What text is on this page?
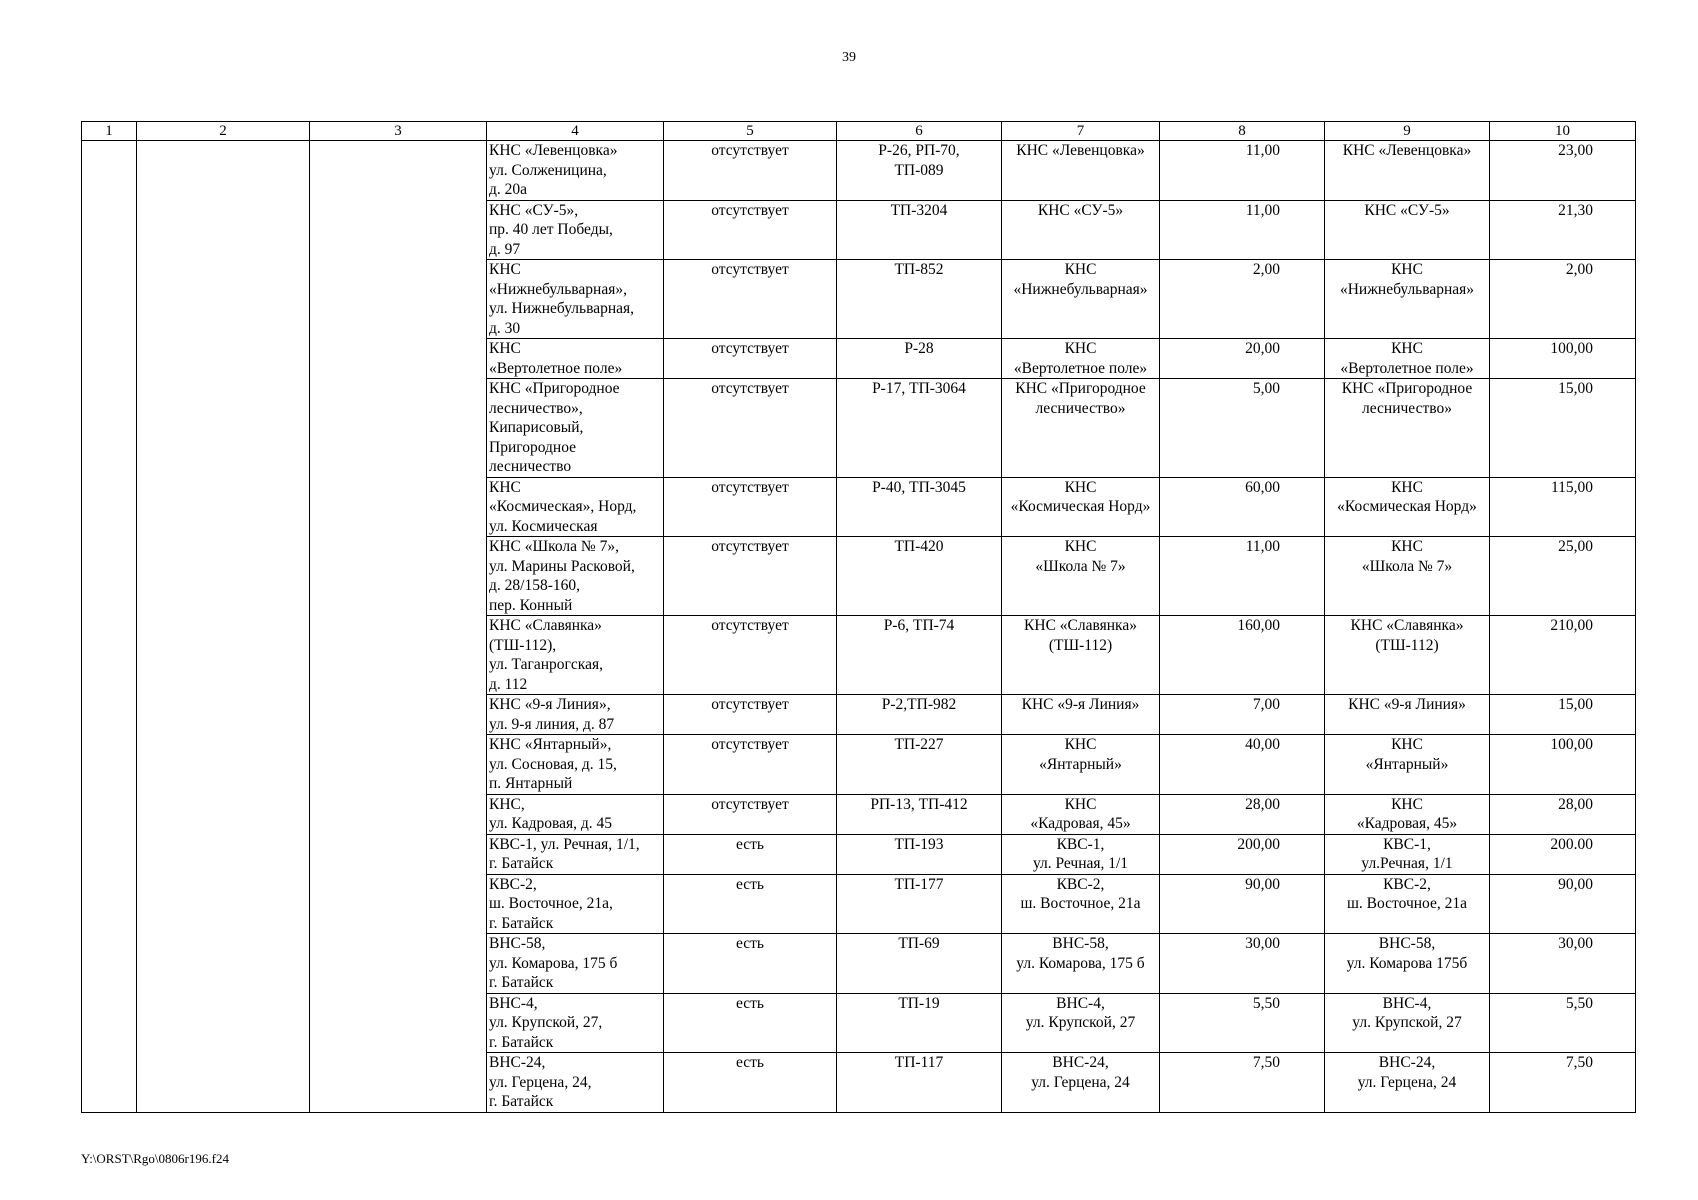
39
1	2	3	4	5	6	7	8	9	10

			КНС «Левенцовка»
ул. Солженицина,
д. 20а	отсутствует	Р-26, РП-70,
ТП-089	КНС «Левенцовка»	11,00	КНС «Левенцовка»	23,00

			КНС «СУ-5»,
пр. 40 лет Победы,
д. 97	отсутствует	ТП-3204	КНС «СУ-5»	11,00	КНС «СУ-5»	21,30

			КНС
«Нижнебульварная»,
ул. Нижнебульварная,
д. 30	отсутствует	ТП-852	КНС
«Нижнебульварная»	2,00	КНС
«Нижнебульварная»	2,00

			КНС
«Вертолетное поле»	отсутствует	Р-28	КНС
«Вертолетное поле»	20,00	КНС
«Вертолетное поле»	100,00

			КНС «Пригородное
лесничество»,
Кипарисовый,
Пригородное
лесничество	отсутствует	Р-17, ТП-3064	КНС «Пригородное
лесничество»	5,00	КНС «Пригородное
лесничество»	15,00

			КНС
«Космическая», Норд,
ул. Космическая	отсутствует	Р-40, ТП-3045	КНС
«Космическая Норд»	60,00	КНС
«Космическая Норд»	115,00

			КНС «Школа № 7»,
ул. Марины Расковой,
д. 28/158-160,
пер. Конный	отсутствует	ТП-420	КНС
«Школа № 7»	11,00	КНС
«Школа № 7»	25,00

			КНС «Славянка»
(ТШ-112),
ул. Таганрогская,
д. 112	отсутствует	Р-6, ТП-74	КНС «Славянка»
(ТШ-112)	160,00	КНС «Славянка»
(ТШ-112)	210,00

			КНС «9-я Линия»,
ул. 9-я линия, д. 87	отсутствует	Р-2,ТП-982	КНС «9-я Линия»	7,00	КНС «9-я Линия»	15,00

			КНС «Янтарный»,
ул. Сосновая, д. 15,
п. Янтарный	отсутствует	ТП-227	КНС
«Янтарный»	40,00	КНС
«Янтарный»	100,00

			КНС,
ул. Кадровая, д. 45	отсутствует	РП-13, ТП-412	КНС
«Кадровая, 45»	28,00	КНС
«Кадровая, 45»	28,00

			КВС-1, ул. Речная, 1/1,
г. Батайск	есть	ТП-193	КВС-1,
ул. Речная, 1/1	200,00	КВС-1,
ул.Речная, 1/1	200.00

			КВС-2,
ш. Восточное, 21а,
г. Батайск	есть	ТП-177	КВС-2,
ш. Восточное, 21а	90,00	КВС-2,
ш. Восточное, 21а	90,00

			ВНС-58,
ул. Комарова, 175 б
г. Батайск	есть	ТП-69	ВНС-58,
ул. Комарова, 175 б	30,00	ВНС-58,
ул. Комарова 175б	30,00

			ВНС-4,
ул. Крупской, 27,
г. Батайск	есть	ТП-19	ВНС-4,
ул. Крупской, 27	5,50	ВНС-4,
ул. Крупской, 27	5,50

			ВНС-24,
ул. Герцена, 24,
г. Батайск	есть	ТП-117	ВНС-24,
ул. Герцена, 24	7,50	ВНС-24,
ул. Герцена, 24	7,50
Y:\ORST\Rgo\0806r196.f24
